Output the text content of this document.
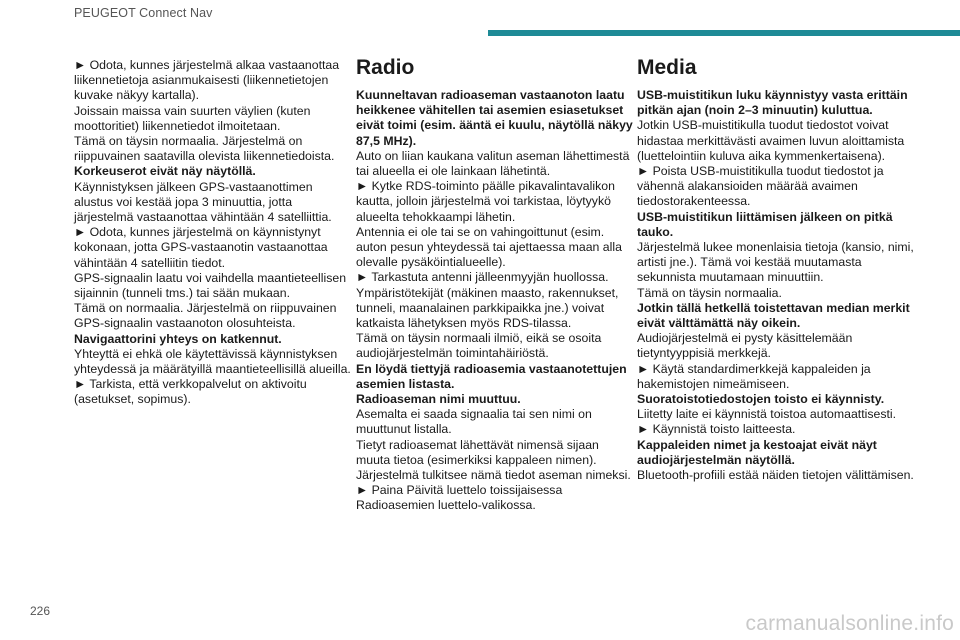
PEUGEOT Connect Nav

► Odota, kunnes järjestelmä alkaa vastaanottaa liikennetietoja asianmukaisesti (liikennetietojen kuvake näkyy kartalla).

Joissain maissa vain suurten väylien (kuten moottoritiet) liikennetiedot ilmoitetaan.

Tämä on täysin normaalia. Järjestelmä on riippuvainen saatavilla olevista liikennetiedoista.

Korkeuserot eivät näy näytöllä.

Käynnistyksen jälkeen GPS-vastaanottimen alustus voi kestää jopa 3 minuuttia, jotta järjestelmä vastaanottaa vähintään 4 satelliittia.

► Odota, kunnes järjestelmä on käynnistynyt kokonaan, jotta GPS-vastaanotin vastaanottaa vähintään 4 satelliitin tiedot.

GPS-signaalin laatu voi vaihdella maantieteellisen sijainnin (tunneli tms.) tai sään mukaan.

Tämä on normaalia. Järjestelmä on riippuvainen GPS-signaalin vastaanoton olosuhteista.

Navigaattorini yhteys on katkennut.

Yhteyttä ei ehkä ole käytettävissä käynnistyksen yhteydessä ja määrätyillä maantieteellisillä alueilla.

► Tarkista, että verkkopalvelut on aktivoitu (asetukset, sopimus).

Radio

Kuunneltavan radioaseman vastaanoton laatu heikkenee vähitellen tai asemien esiasetukset eivät toimi (esim. ääntä ei kuulu, näytöllä näkyy 87,5 MHz).

Auto on liian kaukana valitun aseman lähettimestä tai alueella ei ole lainkaan lähetintä.

► Kytke RDS-toiminto päälle pikavalintavalikon kautta, jolloin järjestelmä voi tarkistaa, löytyykö alueelta tehokkaampi lähetin.

Antennia ei ole tai se on vahingoittunut (esim. auton pesun yhteydessä tai ajettaessa maan alla olevalle pysäköintialueelle).

► Tarkastuta antenni jälleenmyyjän huollossa.

Ympäristötekijät (mäkinen maasto, rakennukset, tunneli, maanalainen parkkipaikka jne.) voivat katkaista lähetyksen myös RDS-tilassa.

Tämä on täysin normaali ilmiö, eikä se osoita audiojärjestelmän toimintahäiriöstä.

En löydä tiettyjä radioasemia vastaanotettujen asemien listasta.

Radioaseman nimi muuttuu.

Asemalta ei saada signaalia tai sen nimi on muuttunut listalla.

Tietyt radioasemat lähettävät nimensä sijaan muuta tietoa (esimerkiksi kappaleen nimen). Järjestelmä tulkitsee nämä tiedot aseman nimeksi.

► Paina Päivitä luettelo toissijaisessa Radioasemien luettelo-valikossa.

Media

USB-muistitikun luku käynnistyy vasta erittäin pitkän ajan (noin 2–3 minuutin) kuluttua.

Jotkin USB-muistitikulla tuodut tiedostot voivat hidastaa merkittävästi avaimen luvun aloittamista (luettelointiin kuluva aika kymmenkertaisena).

► Poista USB-muistitikulla tuodut tiedostot ja vähennä alakansioiden määrää avaimen tiedostorakenteessa.

USB-muistitikun liittämisen jälkeen on pitkä tauko.

Järjestelmä lukee monenlaisia tietoja (kansio, nimi, artisti jne.). Tämä voi kestää muutamasta sekunnista muutamaan minuuttiin.

Tämä on täysin normaalia.

Jotkin tällä hetkellä toistettavan median merkit eivät välttämättä näy oikein.

Audiojärjestelmä ei pysty käsittelemään tietyntyyppisiä merkkejä.

► Käytä standardimerkkejä kappaleiden ja hakemistojen nimeämiseen.

Suoratoistotiedostojen toisto ei käynnisty.

Liitetty laite ei käynnistä toistoa automaattisesti.

► Käynnistä toisto laitteesta.

Kappaleiden nimet ja kestoajat eivät näyt audiojärjestelmän näytöllä.

Bluetooth-profiili estää näiden tietojen välittämisen.

226
carmanualsonline.info
